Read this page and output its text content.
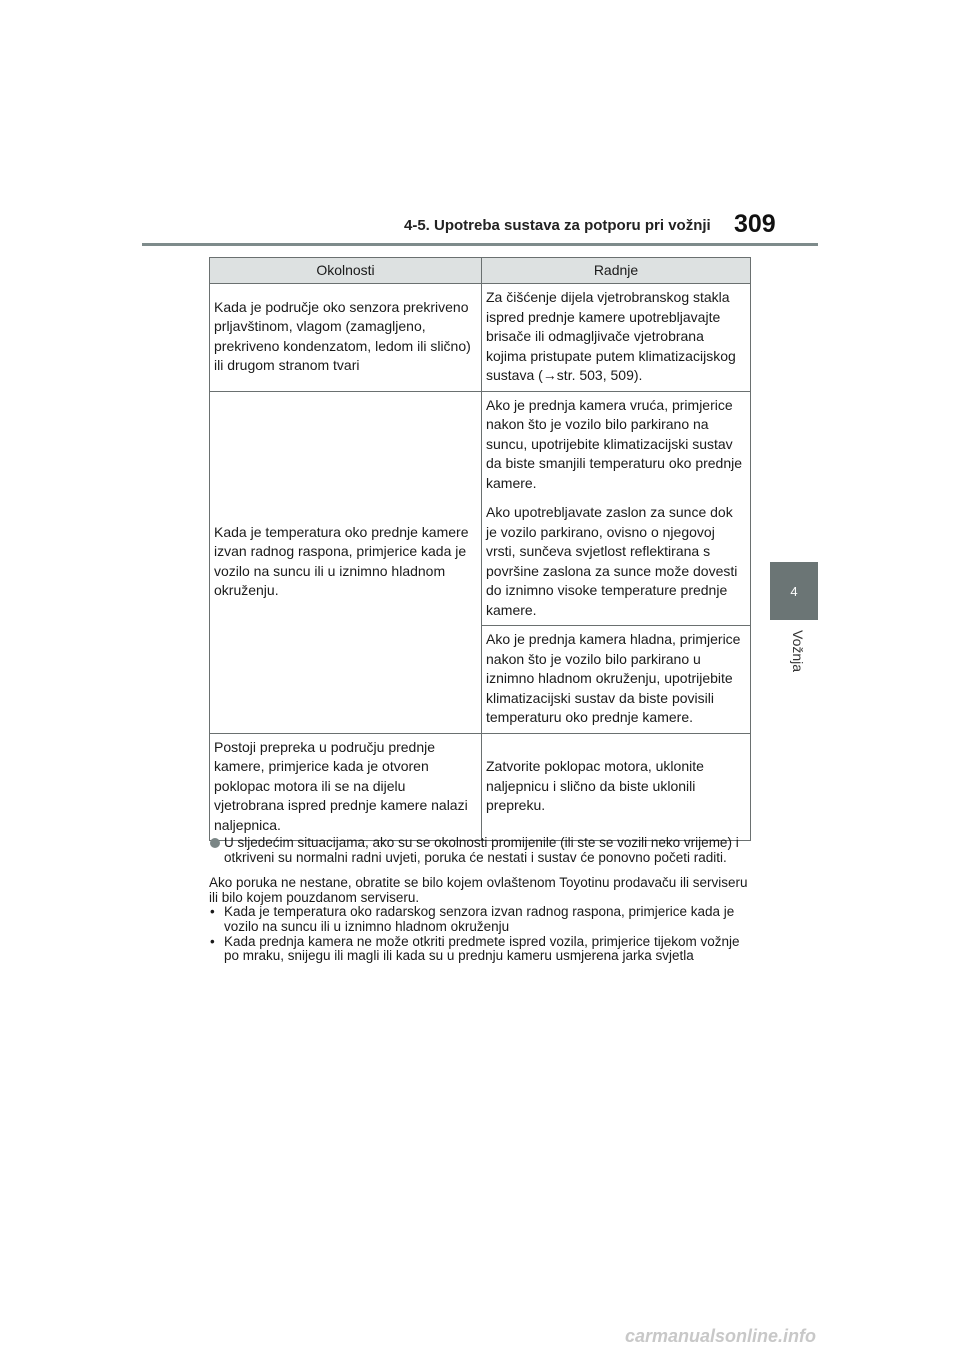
4-5. Upotreba sustava za potporu pri vožnji 309
4
Vožnja
Okolnosti	Radnje
Kada je područje oko senzora prekriveno prljavštinom, vlagom (zamagljeno, prekriveno kondenzatom, ledom ili slično) ili drugom stranom tvari	Za čišćenje dijela vjetrobranskog stakla ispred prednje kamere upotrebljavajte brisače ili odmagljivače vjetrobrana kojima pristupate putem klimatizacijskog sustava (→str. 503, 509).
Kada je temperatura oko prednje kamere izvan radnog raspona, primjerice kada je vozilo na suncu ili u iznimno hladnom okruženju.	Ako je prednja kamera vruća, primjerice nakon što je vozilo bilo parkirano na suncu, upotrijebite klimatizacijski sustav da biste smanjili temperaturu oko prednje kamere.

Ako upotrebljavate zaslon za sunce dok je vozilo parkirano, ovisno o njegovoj vrsti, sunčeva svjetlost reflektirana s površine zaslona za sunce može dovesti do iznimno visoke temperature prednje kamere.

	Ako je prednja kamera hladna, primjerice nakon što je vozilo bilo parkirano u iznimno hladnom okruženju, upotrijebite klimatizacijski sustav da biste povisili temperaturu oko prednje kamere.
Postoji prepreka u području prednje kamere, primjerice kada je otvoren poklopac motora ili se na dijelu vjetrobrana ispred prednje kamere nalazi naljepnica.	Zatvorite poklopac motora, uklonite naljepnicu i slično da biste uklonili prepreku.

U sljedećim situacijama, ako su se okolnosti promijenile (ili ste se vozili neko vrijeme) i otkriveni su normalni radni uvjeti, poruka će nestati i sustav će ponovno početi raditi.

Ako poruka ne nestane, obratite se bilo kojem ovlaštenom Toyotinu prodavaču ili serviseru ili bilo kojem pouzdanom serviseru.

• Kada je temperatura oko radarskog senzora izvan radnog raspona, primjerice kada je vozilo na suncu ili u iznimno hladnom okruženju
• Kada prednja kamera ne može otkriti predmete ispred vozila, primjerice tijekom vožnje po mraku, snijegu ili magli ili kada su u prednju kameru usmjerena jarka svjetla
carmanualsonline.info
